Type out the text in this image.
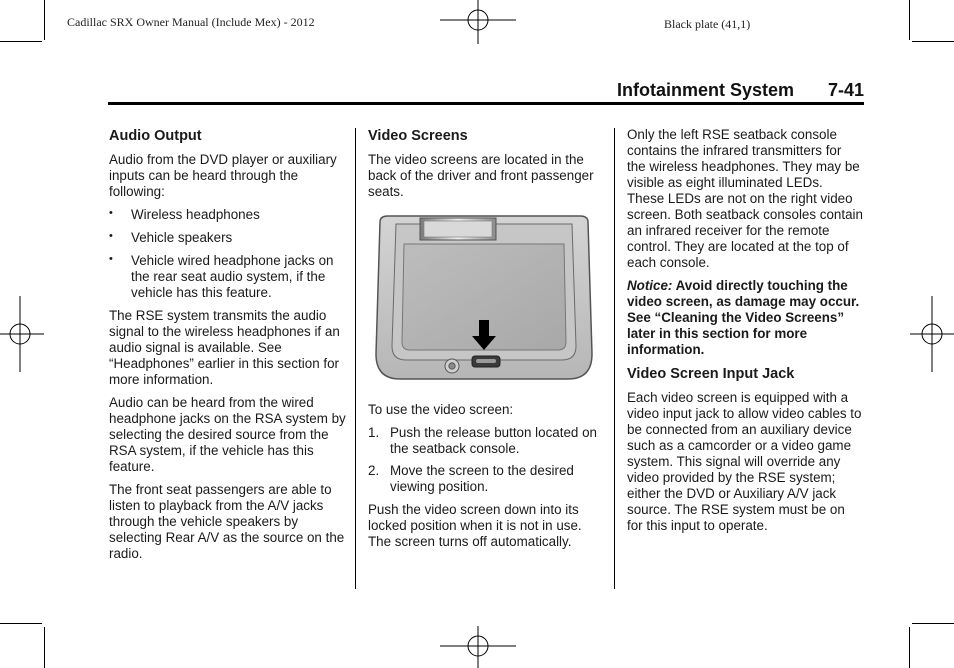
Cadillac SRX Owner Manual (Include Mex) - 2012	Black plate (41,1)
Infotainment System 7-41
Audio Output

Audio from the DVD player or auxiliary inputs can be heard through the following:

• Wireless headphones
• Vehicle speakers
• Vehicle wired headphone jacks on the rear seat audio system, if the vehicle has this feature.

The RSE system transmits the audio signal to the wireless headphones if an audio signal is available. See “Headphones” earlier in this section for more information.

Audio can be heard from the wired headphone jacks on the RSA system by selecting the desired source from the RSA system, if the vehicle has this feature.

The front seat passengers are able to listen to playback from the A/V jacks through the vehicle speakers by selecting Rear A/V as the source on the radio.

Video Screens

The video screens are located in the back of the driver and front passenger seats.

To use the video screen:

1. Push the release button located on the seatback console.
2. Move the screen to the desired viewing position.

Push the video screen down into its locked position when it is not in use. The screen turns off automatically.

Only the left RSE seatback console contains the infrared transmitters for the wireless headphones. They may be visible as eight illuminated LEDs. These LEDs are not on the right video screen. Both seatback consoles contain an infrared receiver for the remote control. They are located at the top of each console.

Notice: Avoid directly touching the video screen, as damage may occur. See “Cleaning the Video Screens” later in this section for more information.

Video Screen Input Jack

Each video screen is equipped with a video input jack to allow video cables to be connected from an auxiliary device such as a camcorder or a video game system. This signal will override any video provided by the RSE system; either the DVD or Auxiliary A/V jack source. The RSE system must be on for this input to operate.
